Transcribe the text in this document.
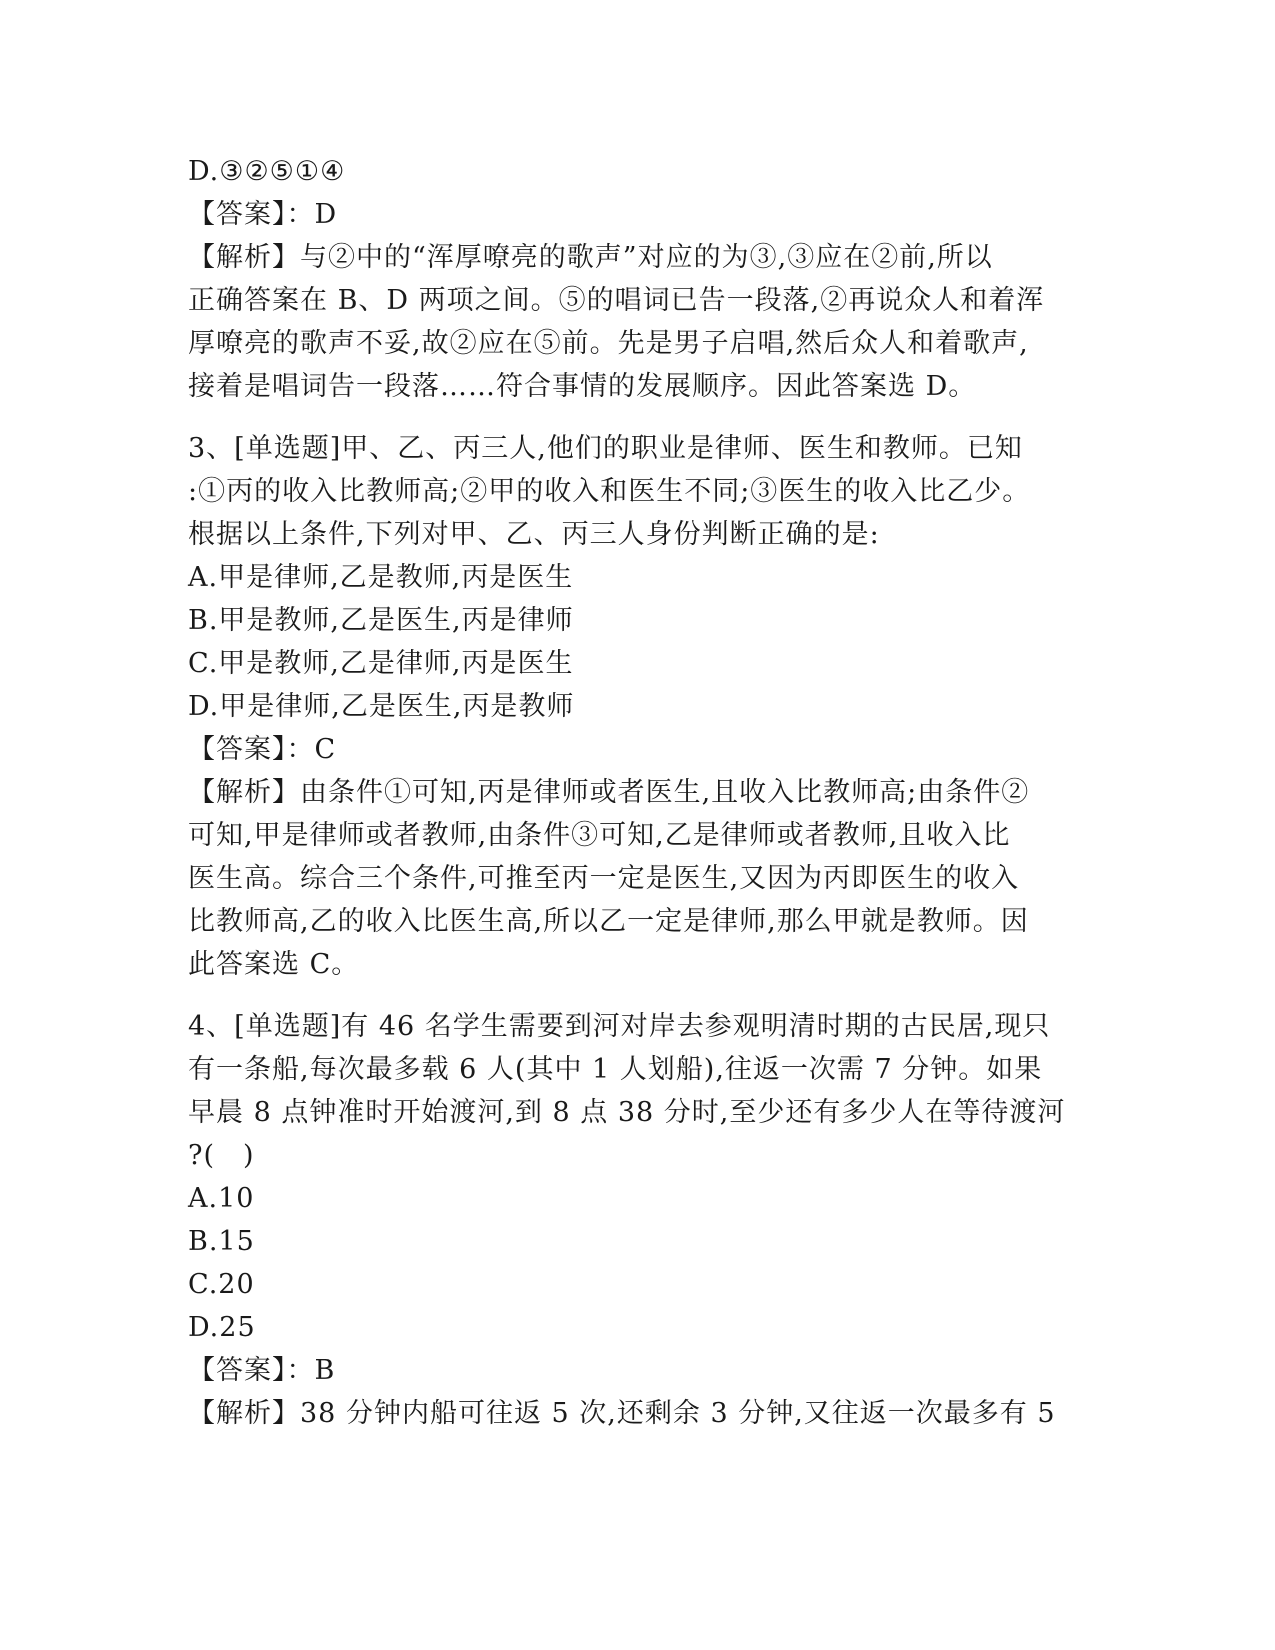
D.③②⑤①④
【答案】：D
【解析】与②中的“浑厚嘹亮的歌声”对应的为③,③应在②前,所以
正确答案在 B、D 两项之间。⑤的唱词已告一段落,②再说众人和着浑
厚嘹亮的歌声不妥,故②应在⑤前。先是男子启唱,然后众人和着歌声,
接着是唱词告一段落……符合事情的发展顺序。因此答案选 D。
3、[单选题]甲、乙、丙三人,他们的职业是律师、医生和教师。已知
:①丙的收入比教师高;②甲的收入和医生不同;③医生的收入比乙少。
根据以上条件,下列对甲、乙、丙三人身份判断正确的是:
A.甲是律师,乙是教师,丙是医生
B.甲是教师,乙是医生,丙是律师
C.甲是教师,乙是律师,丙是医生
D.甲是律师,乙是医生,丙是教师
【答案】：C
【解析】由条件①可知,丙是律师或者医生,且收入比教师高;由条件②
可知,甲是律师或者教师,由条件③可知,乙是律师或者教师,且收入比
医生高。综合三个条件,可推至丙一定是医生,又因为丙即医生的收入
比教师高,乙的收入比医生高,所以乙一定是律师,那么甲就是教师。因
此答案选 C。
4、[单选题]有 46 名学生需要到河对岸去参观明清时期的古民居,现只
有一条船,每次最多载 6 人(其中 1 人划船),往返一次需 7 分钟。如果
早晨 8 点钟准时开始渡河,到 8 点 38 分时,至少还有多少人在等待渡河
?(　)
A.10
B.15
C.20
D.25
【答案】：B
【解析】38 分钟内船可往返 5 次,还剩余 3 分钟,又往返一次最多有 5
